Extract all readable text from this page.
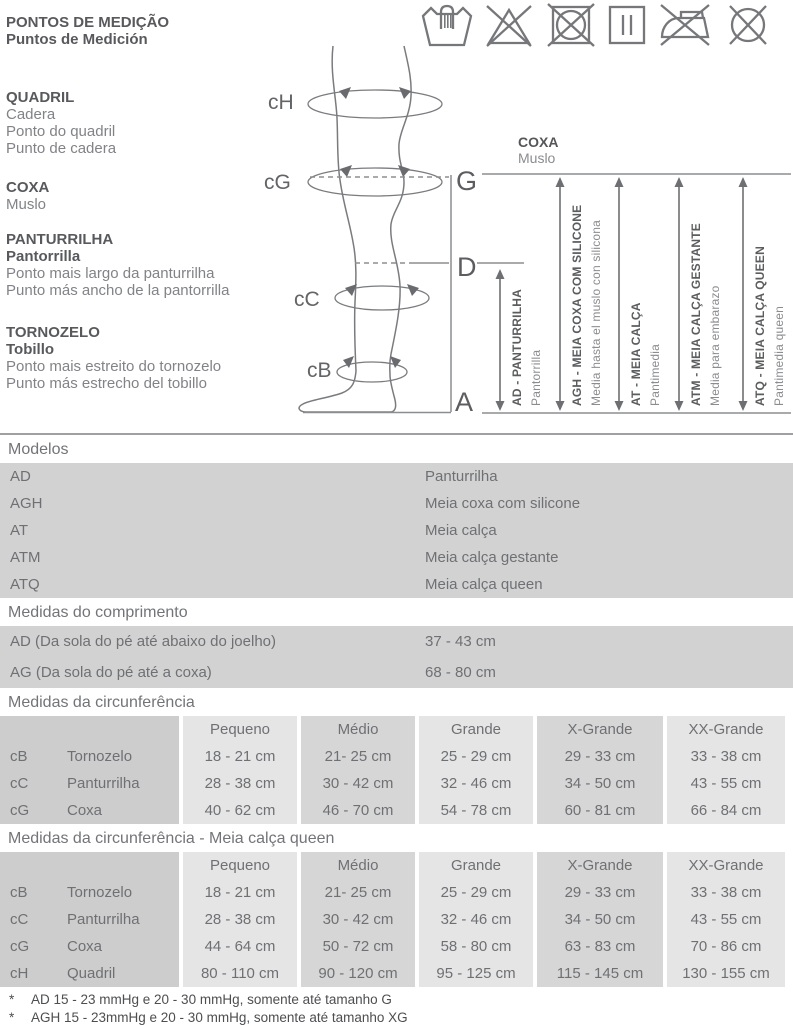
PONTOS DE MEDIÇÃO
Puntos de Medición
QUADRIL
Cadera
Ponto do quadril
Punto de cadera
COXA
Muslo
PANTURRILHA
Pantorrilla
Ponto mais largo da panturrilha
Punto más ancho de la pantorrilla
TORNOZELO
Tobillo
Ponto mais estreito do tornozelo
Punto más estrecho del tobillo
cH
cG
cC
cB
G
D
A
COXA
Muslo
AD - PANTURRILHA Pantorrilla AGH - MEIA COXA COM SILICONE Media hasta el muslo con silicona AT - MEIA CALÇA Pantimedia ATM - MEIA CALÇA GESTANTE Media para embarazo	ATQ - MEIA CALÇA QUEEN Pantimedia queen
Modelos
AD	Panturrilha
AGH	Meia coxa com silicone
AT	Meia calça
ATM	Meia calça gestante
ATQ	Meia calça queen
Medidas do comprimento
AD (Da sola do pé até abaixo do joelho)	37 - 43 cm
AG (Da sola do pé até a coxa)	68 - 80 cm
Medidas da circunferência
Pequeno	Médio	Grande	X-Grande	XX-Grande
cB	Tornozelo	18 - 21 cm	21- 25 cm	25 - 29 cm	29 - 33 cm	33 - 38 cm
cC	Panturrilha	28 - 38 cm	30 - 42 cm	32 - 46 cm	34 - 50 cm	43 - 55 cm
cG	Coxa	40 - 62 cm	46 - 70 cm	54 - 78 cm	60 - 81 cm	66 - 84 cm
Medidas da circunferência - Meia calça queen
Pequeno	Médio	Grande	X-Grande	XX-Grande
cB	Tornozelo	18 - 21 cm	21- 25 cm	25 - 29 cm	29 - 33 cm	33 - 38 cm
cC	Panturrilha	28 - 38 cm	30 - 42 cm	32 - 46 cm	34 - 50 cm	43 - 55 cm
cG	Coxa	44 - 64 cm	50 - 72 cm	58 - 80 cm	63 - 83 cm	70 - 86 cm
cH	Quadril	80 - 110 cm	90 - 120 cm	95 - 125 cm	115 - 145 cm	130 - 155 cm
*	AD 15 - 23 mmHg e 20 - 30 mmHg, somente até tamanho G
*	AGH 15 - 23mmHg e 20 - 30 mmHg, somente até tamanho XG
